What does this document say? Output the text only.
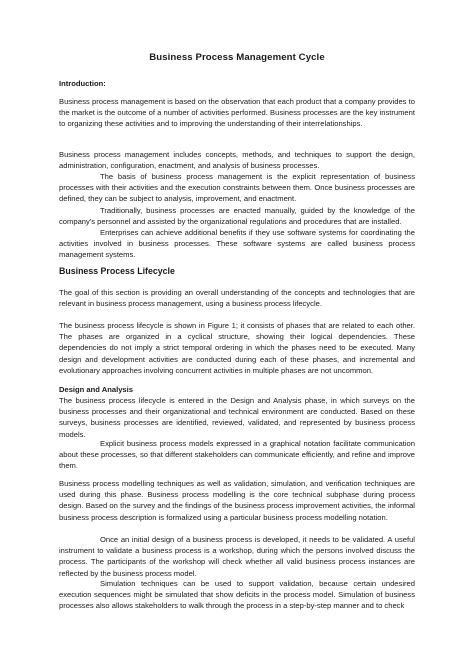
Business Process Management Cycle
Introduction:
Business process management is based on the observation that each product that a company provides to the market is the outcome of a number of activities performed. Business processes are the key instrument to organizing these activities and to improving the understanding of their interrelationships.
Business process management includes concepts, methods, and techniques to support the design, administration, configuration, enactment, and analysis of business processes.
The basis of business process management is the explicit representation of business processes with their activities and the execution constraints between them. Once business processes are defined, they can be subject to analysis, improvement, and enactment.
Traditionally, business processes are enacted manually, guided by the knowledge of the company's personnel and assisted by the organizational regulations and procedures that are installed.
Enterprises can achieve additional benefits if they use software systems for coordinating the activities involved in business processes. These software systems are called business process management systems.
Business Process Lifecycle
The goal of this section is providing an overall understanding of the concepts and technologies that are relevant in business process management, using a business process lifecycle.
The business process lifecycle is shown in Figure 1; it consists of phases that are related to each other. The phases are organized in a cyclical structure, showing their logical dependencies. These dependencies do not imply a strict temporal ordering in which the phases need to be executed. Many design and development activities are conducted during each of these phases, and incremental and evolutionary approaches involving concurrent activities in multiple phases are not uncommon.
Design and Analysis
The business process lifecycle is entered in the Design and Analysis phase, in which surveys on the business processes and their organizational and technical environment are conducted. Based on these surveys, business processes are identified, reviewed, validated, and represented by business process models.
Explicit business process models expressed in a graphical notation facilitate communication about these processes, so that different stakeholders can communicate efficiently, and refine and improve them.
Business process modelling techniques as well as validation, simulation, and verification techniques are used during this phase. Business process modelling is the core technical subphase during process design. Based on the survey and the findings of the business process improvement activities, the informal business process description is formalized using a particular business process modelling notation.
Once an initial design of a business process is developed, it needs to be validated. A useful instrument to validate a business process is a workshop, during which the persons involved discuss the process. The participants of the workshop will check whether all valid business process instances are reflected by the business process model.
Simulation techniques can be used to support validation, because certain undesired execution sequences might be simulated that show deficits in the process model. Simulation of business processes also allows stakeholders to walk through the process in a step-by-step manner and to check
